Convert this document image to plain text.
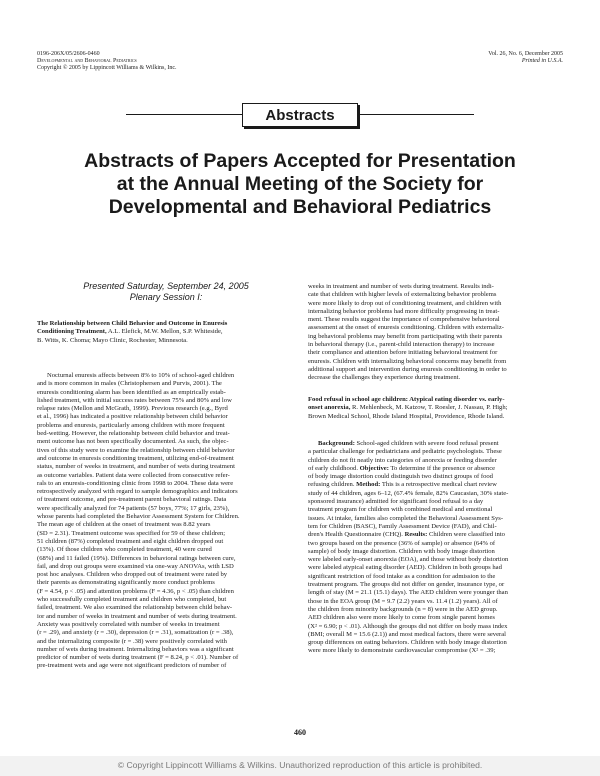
0196-206X/05/2606-0460
Developmental and Behavioral Pediatrics
Copyright © 2005 by Lippincott Williams & Wilkins, Inc.
Vol. 26, No. 6, December 2005
Printed in U.S.A.
Abstracts
Abstracts of Papers Accepted for Presentation
at the Annual Meeting of the Society for
Developmental and Behavioral Pediatrics
Presented Saturday, September 24, 2005
Plenary Session I:
The Relationship between Child Behavior and Outcome in Enuresis
Conditioning Treatment, A.L. Elefick, M.W. Mellon, S.P. Whiteside,
B. Witts, K. Choma; Mayo Clinic, Rochester, Minnesota.
Nocturnal enuresis affects between 8% to 10% of school-aged children
and is more common in males (Christophersen and Purvis, 2001). The
enuresis conditioning alarm has been identified as an empirically estab-
lished treatment, with initial success rates between 75% and 80% and low
relapse rates (Mellon and McGrath, 1999). Previous research (e.g., Byrd
et al., 1996) has indicated a positive relationship between child behavior
problems and enuresis, particularly among children with more frequent
bed-wetting. However, the relationship between child behavior and treat-
ment outcome has not been specifically documented. As such, the objec-
tives of this study were to examine the relationship between child behavior
and outcome in enuresis conditioning treatment, utilizing end-of-treatment
status, number of weeks in treatment, and number of wets during treatment
as outcome variables. Patient data were collected from consecutive refer-
rals to an enuresis-conditioning clinic from 1998 to 2004. These data were
retrospectively analyzed with regard to sample demographics and indicators
of treatment outcome, and pre-treatment parent behavioral ratings. Data
were specifically analyzed for 74 patients (57 boys, 77%; 17 girls, 23%),
whose parents had completed the Behavior Assessment System for Children.
The mean age of children at the onset of treatment was 8.82 years
(SD = 2.31). Treatment outcome was specified for 59 of these children;
51 children (87%) completed treatment and eight children dropped out
(13%). Of those children who completed treatment, 40 were cured
(68%) and 11 failed (19%). Differences in behavioral ratings between cure,
fail, and drop out groups were examined via one-way ANOVAs, with LSD
post hoc analyses. Children who dropped out of treatment were rated by
their parents as demonstrating significantly more conduct problems
(F = 4.54, p < .05) and attention problems (F = 4.36, p < .05) than children
who successfully completed treatment and children who completed, but
failed, treatment. We also examined the relationship between child behav-
ior and number of weeks in treatment and number of wets during treatment.
Anxiety was positively correlated with number of weeks in treatment
(r = .29), and anxiety (r = .30), depression (r = .31), somatization (r = .38),
and the internalizing composite (r = .38) were positively correlated with
number of wets during treatment. Internalizing behaviors was a significant
predictor of number of wets during treatment (F = 8.24, p < .01). Number of
pre-treatment wets and age were not significant predictors of number of
weeks in treatment and number of wets during treatment. Results indi-
cate that children with higher levels of externalizing behavior problems
were more likely to drop out of conditioning treatment, and children with
internalizing behavior problems had more difficulty progressing in treat-
ment. These results suggest the importance of comprehensive behavioral
assessment at the onset of enuresis conditioning. Children with externaliz-
ing behavioral problems may benefit from participating with their parents
in behavioral therapy (i.e., parent-child interaction therapy) to increase
their compliance and attention before initiating behavioral treatment for
enuresis. Children with internalizing behavioral concerns may benefit from
additional support and intervention during enuresis conditioning in order to
decrease the challenges they experience during treatment.
Food refusal in school age children: Atypical eating disorder vs. early-
onset anorexia, R. Mehlenbeck, M. Katzow, T. Roesler, J. Nassau, P. High;
Brown Medical School, Rhode Island Hospital, Providence, Rhode Island.
Background: School-aged children with severe food refusal present
a particular challenge for pediatricians and pediatric psychologists. These
children do not fit neatly into categories of anorexia or feeding disorder
of early childhood. Objective: To determine if the presence or absence
of body image distortion could distinguish two distinct groups of food
refusing children. Method: This is a retrospective medical chart review
study of 44 children, ages 6–12, (67.4% female, 82% Caucasian, 30% state-
sponsored insurance) admitted for significant food refusal to a day
treatment program for children with combined medical and emotional
issues. At intake, families also completed the Behavioral Assessment Sys-
tem for Children (BASC), Family Assessment Device (FAD), and Chil-
dren's Health Questionnaire (CHQ). Results: Children were classified into
two groups based on the presence (36% of sample) or absence (64% of
sample) of body image distortion. Children with body image distortion
were labeled early-onset anorexia (EOA), and those without body distortion
were labeled atypical eating disorder (AED). Children in both groups had
significant restriction of food intake as a condition for admission to the
treatment program. The groups did not differ on gender, insurance type, or
length of stay (M = 21.1 (15.1) days). The AED children were younger than
those in the EOA group (M = 9.7 (2.2) years vs. 11.4 (1.2) years). All of
the children from minority backgrounds (n = 8) were in the AED group.
AED children also were more likely to come from single parent homes
(X² = 6.90; p < .01). Although the groups did not differ on body mass index
(BMI; overall M = 15.6 (2.1)) and most medical factors, there were several
group differences on eating behaviors. Children with body image distortion
were more likely to demonstrate cardiovascular compromise (X² = .39;
460
© Copyright Lippincott Williams & Wilkins. Unauthorized reproduction of this article is prohibited.
